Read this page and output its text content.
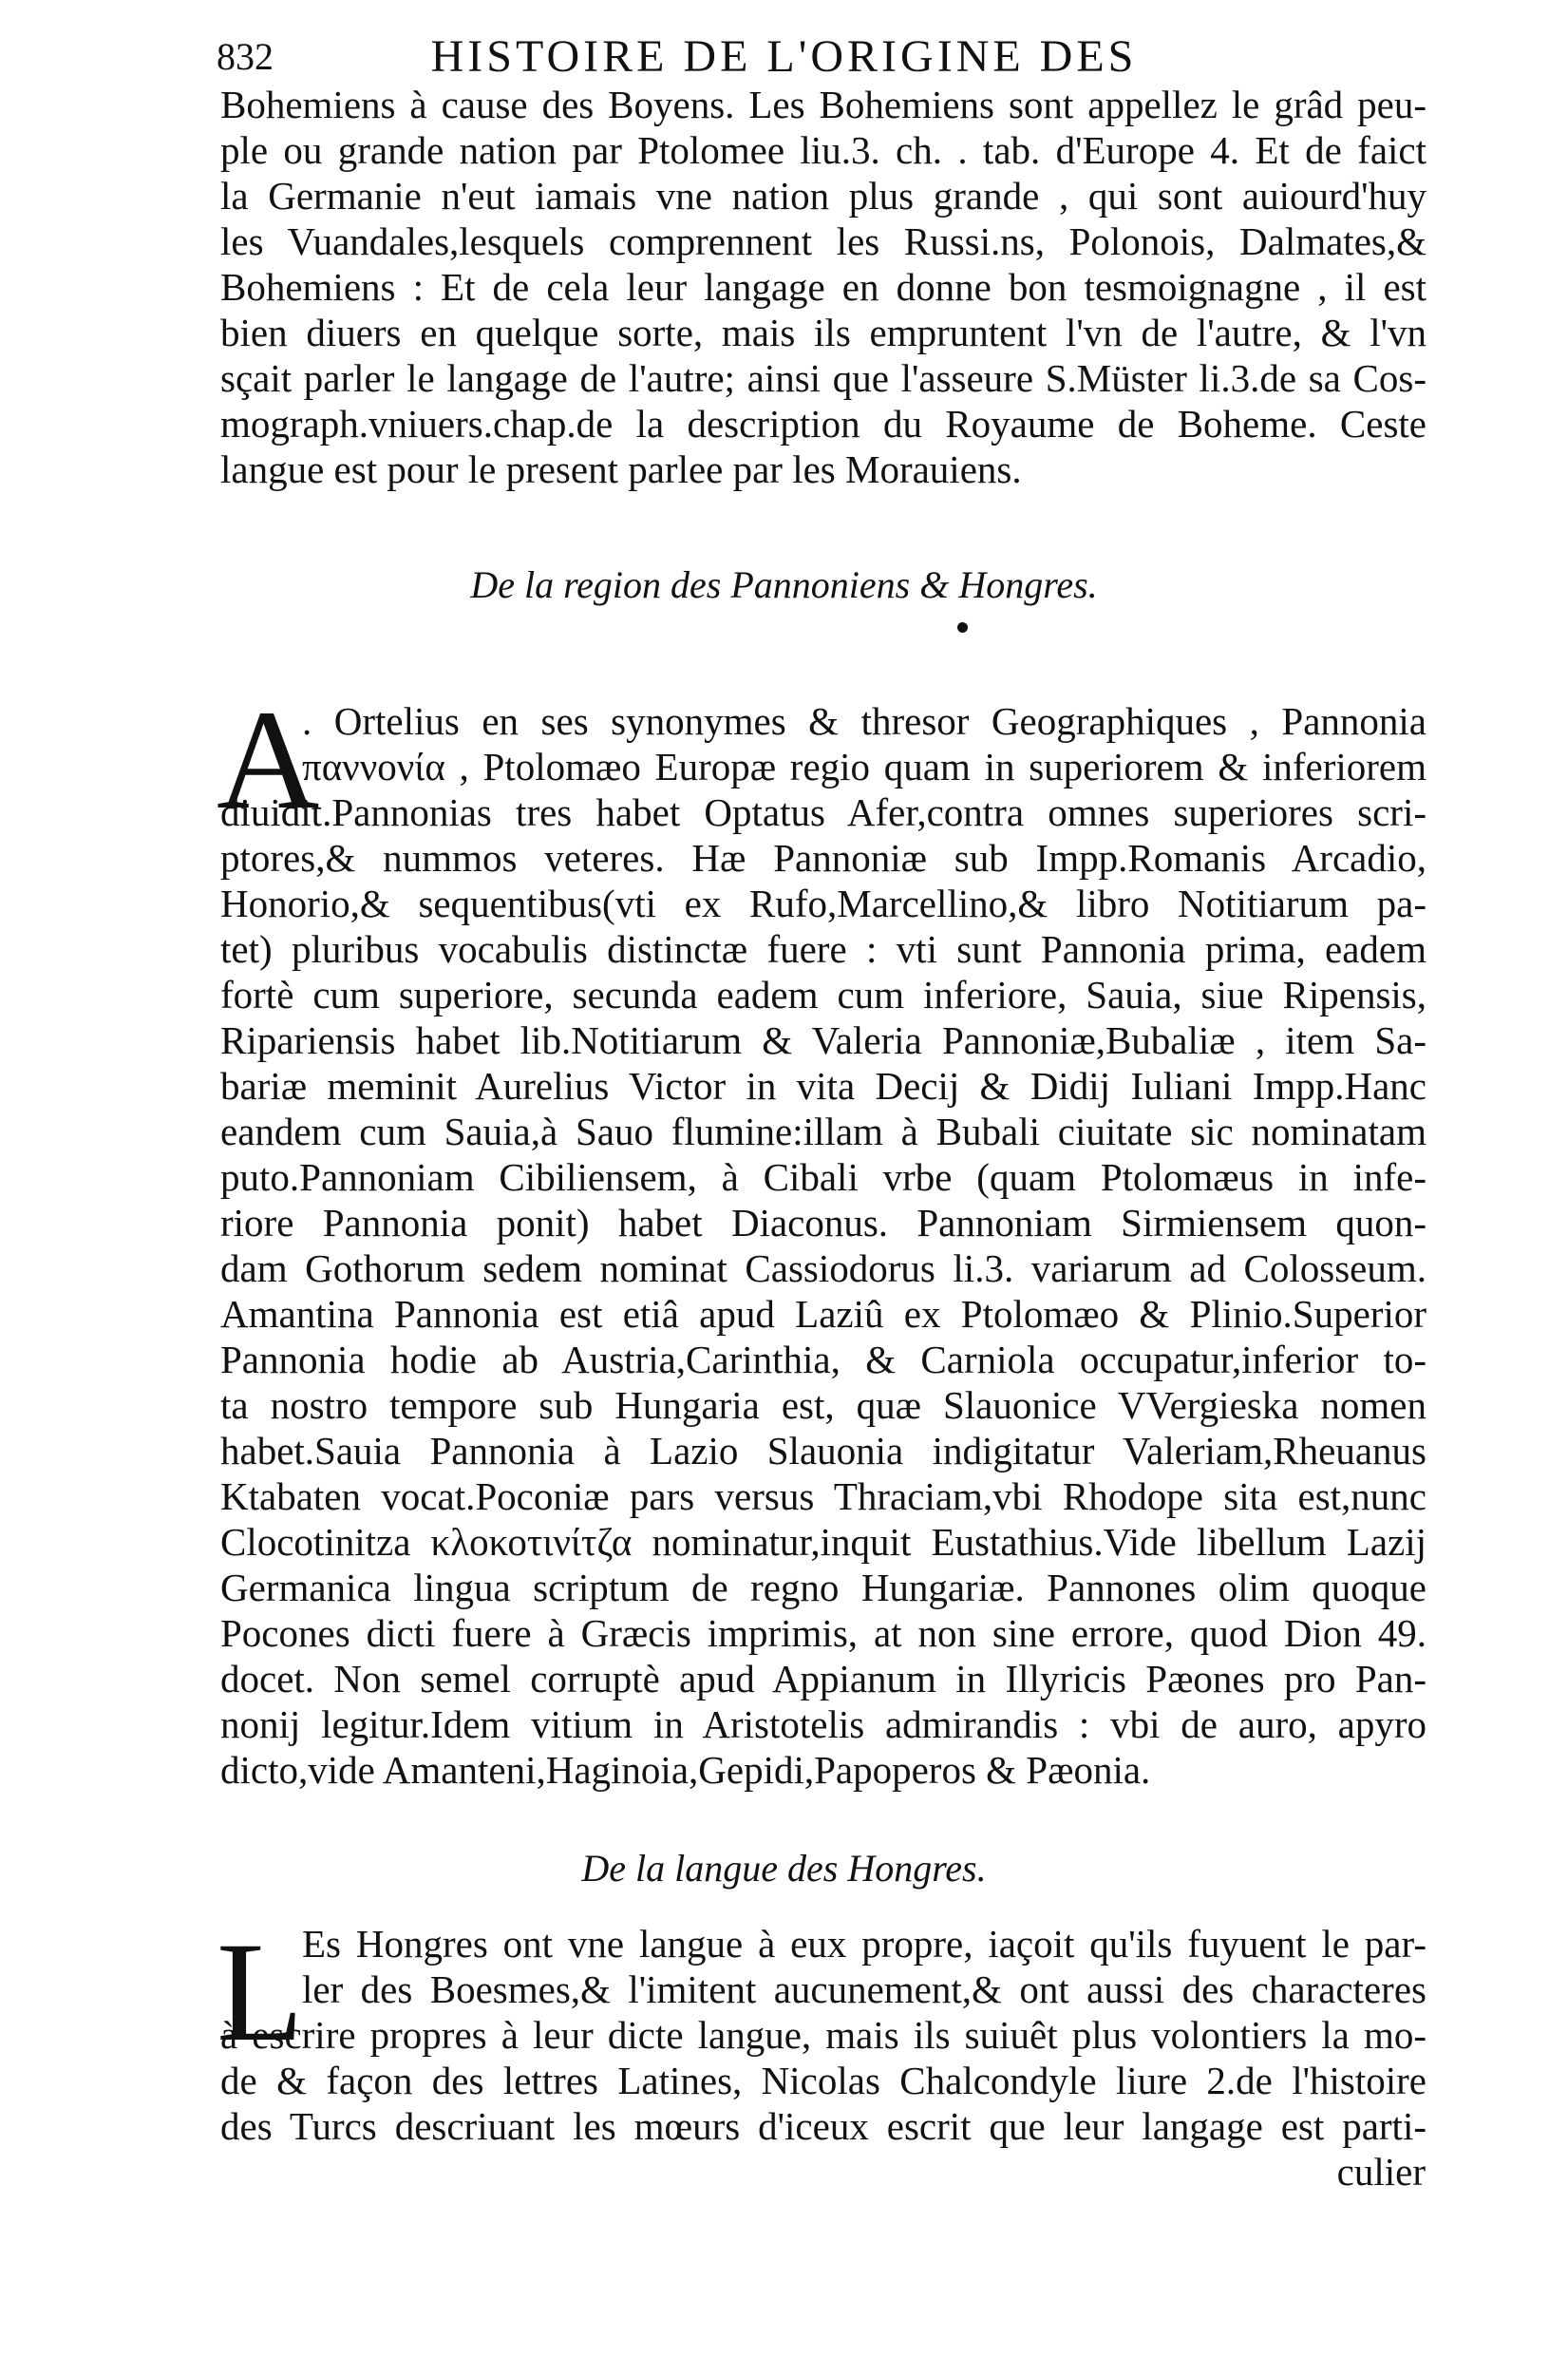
832	HISTOIRE DE L'ORIGINE DES
Bohemiens à cause des Boyens. Les Bohemiens sont appellez le grâd peu-
ple ou grande nation par Ptolomee liu.3. ch. . tab. d'Europe 4. Et de faict
la Germanie n'eut iamais vne nation plus grande , qui sont auiourd'huy
les Vuandales,lesquels comprennent les Russi.ns, Polonois, Dalmates,&
Bohemiens : Et de cela leur langage en donne bon tesmoignagne , il est
bien diuers en quelque sorte, mais ils empruntent l'vn de l'autre, & l'vn
sçait parler le langage de l'autre; ainsi que l'asseure S.Müster li.3.de sa Cos-
mograph.vniuers.chap.de la description du Royaume de Boheme. Ceste
langue est pour le present parlee par les Morauiens.
De la region des Pannoniens & Hongres.
A
. Ortelius en ses synonymes & thresor Geographiques , Pannonia
παννονία , Ptolomæo Europæ regio quam in superiorem & inferiorem
diuidit.Pannonias tres habet Optatus Afer,contra omnes superiores scri-
ptores,& nummos veteres. Hæ Pannoniæ sub Impp.Romanis Arcadio,
Honorio,& sequentibus(vti ex Rufo,Marcellino,& libro Notitiarum pa-
tet) pluribus vocabulis distinctæ fuere : vti sunt Pannonia prima, eadem
fortè cum superiore, secunda eadem cum inferiore, Sauia, siue Ripensis,
Ripariensis habet lib.Notitiarum & Valeria Pannoniæ,Bubaliæ , item Sa-
bariæ meminit Aurelius Victor in vita Decij & Didij Iuliani Impp.Hanc
eandem cum Sauia,à Sauo flumine:illam à Bubali ciuitate sic nominatam
puto.Pannoniam Cibiliensem, à Cibali vrbe (quam Ptolomæus in infe-
riore Pannonia ponit) habet Diaconus. Pannoniam Sirmiensem quon-
dam Gothorum sedem nominat Cassiodorus li.3. variarum ad Colosseum.
Amantina Pannonia est etiâ apud Laziû ex Ptolomæo & Plinio.Superior
Pannonia hodie ab Austria,Carinthia, & Carniola occupatur,inferior to-
ta nostro tempore sub Hungaria est, quæ Slauonice VVergieska nomen
habet.Sauia Pannonia à Lazio Slauonia indigitatur Valeriam,Rheuanus
Ktabaten vocat.Poconiæ pars versus Thraciam,vbi Rhodope sita est,nunc
Clocotinitza κλοκοτινίτζα nominatur,inquit Eustathius.Vide libellum Lazij
Germanica lingua scriptum de regno Hungariæ. Pannones olim quoque
Pocones dicti fuere à Græcis imprimis, at non sine errore, quod Dion 49.
docet. Non semel corruptè apud Appianum in Illyricis Pæones pro Pan-
nonij legitur.Idem vitium in Aristotelis admirandis : vbi de auro, apyro
dicto,vide Amanteni,Haginoia,Gepidi,Papoperos & Pæonia.
De la langue des Hongres.
L
Es Hongres ont vne langue à eux propre, iaçoit qu'ils fuyuent le par-
ler des Boesmes,& l'imitent aucunement,& ont aussi des characteres
à escrire propres à leur dicte langue, mais ils suiuêt plus volontiers la mo-
de & façon des lettres Latines, Nicolas Chalcondyle liure 2.de l'histoire
des Turcs descriuant les mœurs d'iceux escrit que leur langage est parti-
culier
